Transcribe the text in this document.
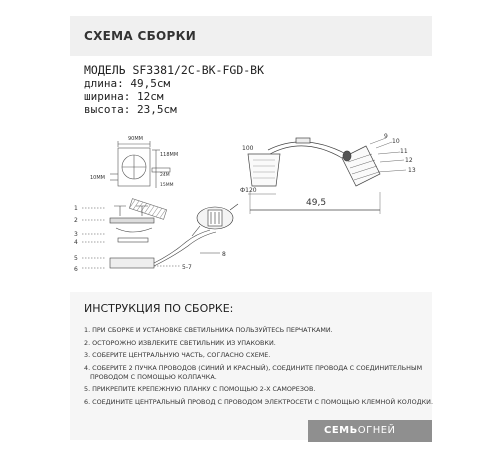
СХЕМА СБОРКИ
МОДЕЛЬ SF3381/2C-BK-FGD-BK
длина: 49,5см
ширина: 12см
высота: 23,5см
90MM
118MM
10MM	24M
15MM
1
2
3
4
5
6	5-7
8
100
Ф120
49,5
9
10
11
12
13
ИНСТРУКЦИЯ ПО СБОРКЕ:
1. ПРИ СБОРКЕ И УСТАНОВКЕ СВЕТИЛЬНИКА ПОЛЬЗУЙТЕСЬ ПЕРЧАТКАМИ.
2. ОСТОРОЖНО ИЗВЛЕКИТЕ СВЕТИЛЬНИК ИЗ УПАКОВКИ.
3. СОБЕРИТЕ ЦЕНТРАЛЬНУЮ ЧАСТЬ, СОГЛАСНО СХЕМЕ.
4. СОБЕРИТЕ 2 ПУЧКА ПРОВОДОВ (СИНИЙ И КРАСНЫЙ), СОЕДИНИТЕ ПРОВОДА С СОЕДИНИТЕЛЬНЫМ
ПРОВОДОМ С ПОМОЩЬЮ КОЛПАЧКА.
5. ПРИКРЕПИТЕ КРЕПЕЖНУЮ ПЛАНКУ С ПОМОЩЬЮ 2-Х САМОРЕЗОВ.
6. СОЕДИНИТЕ ЦЕНТРАЛЬНЫЙ ПРОВОД С ПРОВОДОМ ЭЛЕКТРОСЕТИ С ПОМОЩЬЮ КЛЕМНОЙ КОЛОДКИ.
СЕМЬОГНЕЙ
